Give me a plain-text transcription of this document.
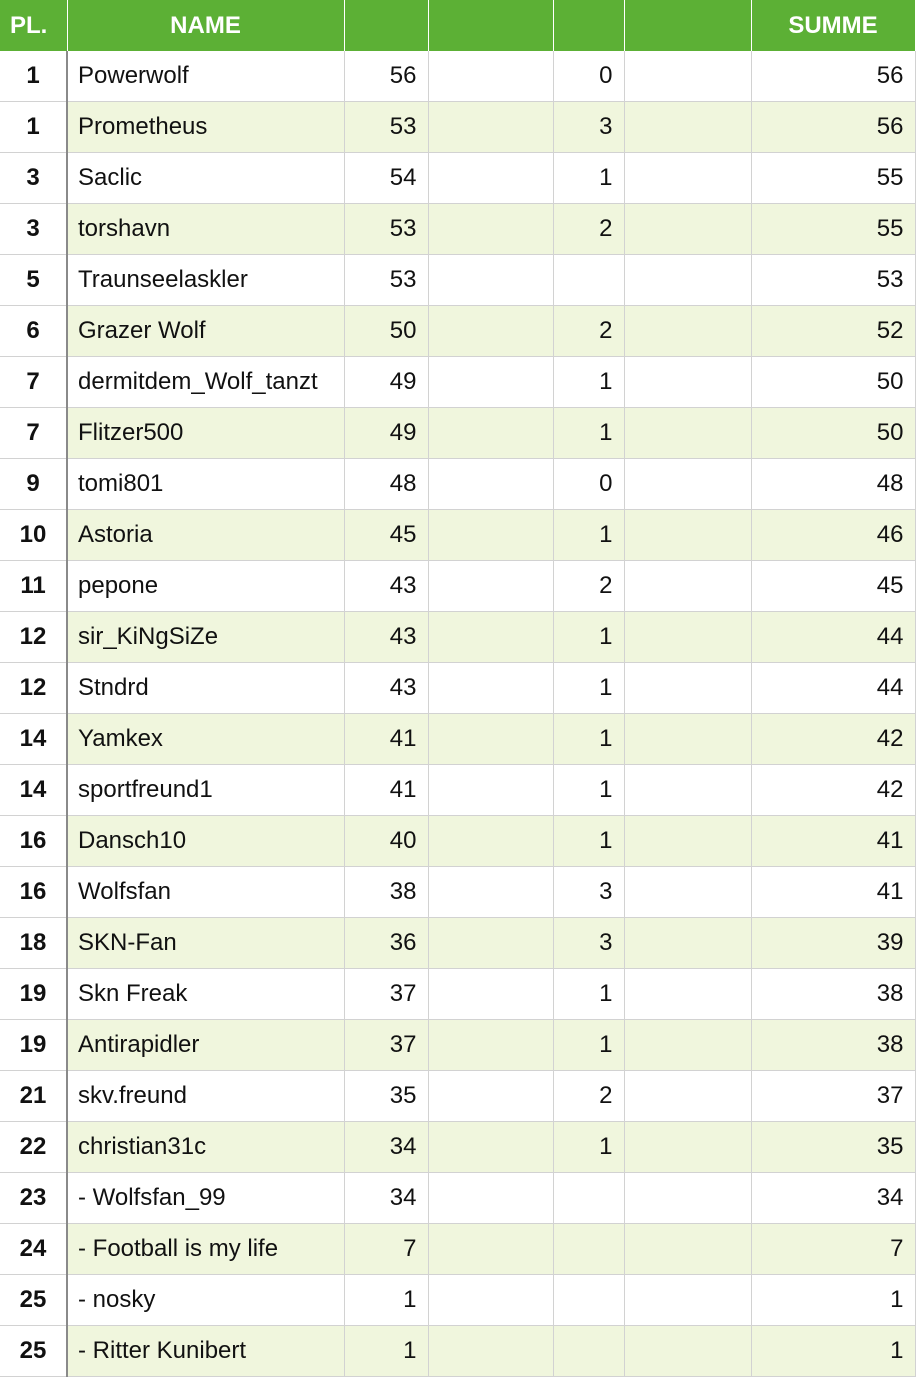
PL.	NAME					SUMME
1	Powerwolf	56		0		56
1	Prometheus	53		3		56
3	Saclic	54		1		55
3	torshavn	53		2		55
5	Traunseelaskler	53				53
6	Grazer Wolf	50		2		52
7	dermitdem_Wolf_tanzt	49		1		50
7	Flitzer500	49		1		50
9	tomi801	48		0		48
10	Astoria	45		1		46
11	pepone	43		2		45
12	sir_KiNgSiZe	43		1		44
12	Stndrd	43		1		44
14	Yamkex	41		1		42
14	sportfreund1	41		1		42
16	Dansch10	40		1		41
16	Wolfsfan	38		3		41
18	SKN-Fan	36		3		39
19	Skn Freak	37		1		38
19	Antirapidler	37		1		38
21	skv.freund	35		2		37
22	christian31c	34		1		35
23	- Wolfsfan_99	34				34
24	- Football is my life	7				7
25	- nosky	1				1
25	- Ritter Kunibert	1				1
